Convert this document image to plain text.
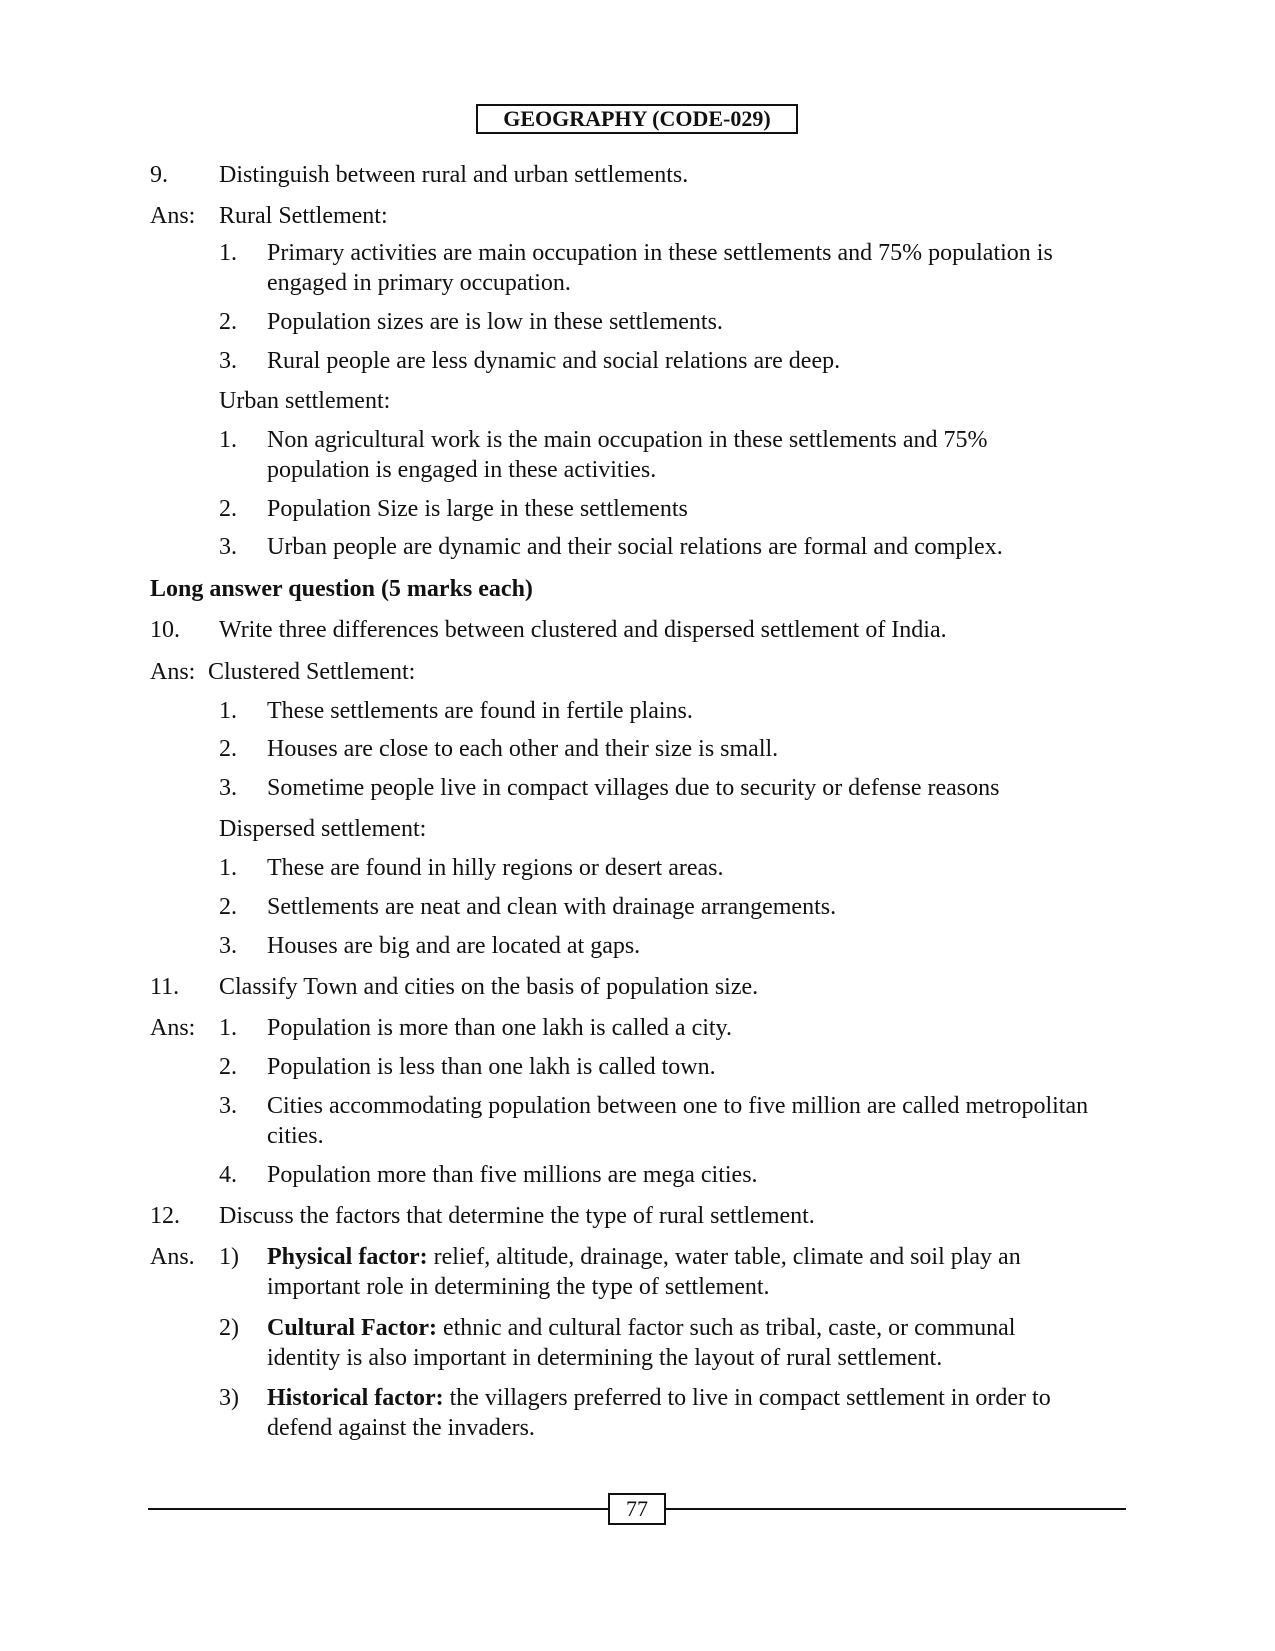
GEOGRAPHY (CODE-029)
9. Distinguish between rural and urban settlements.
Ans: Rural Settlement:
1. Primary activities are main occupation in these settlements and 75% population is
engaged in primary occupation.
2. Population sizes are is low in these settlements.
3. Rural people are less dynamic and social relations are deep.
Urban settlement:
1. Non agricultural work is the main occupation in these settlements and 75%
population is engaged in these activities.
2. Population Size is large in these settlements
3. Urban people are dynamic and their social relations are formal and complex.
Long answer question (5 marks each)
10. Write three differences between clustered and dispersed settlement of India.
Ans: Clustered Settlement:
1. These settlements are found in fertile plains.
2. Houses are close to each other and their size is small.
3. Sometime people live in compact villages due to security or defense reasons
Dispersed settlement:
1. These are found in hilly regions or desert areas.
2. Settlements are neat and clean with drainage arrangements.
3. Houses are big and are located at gaps.
11. Classify Town and cities on the basis of population size.
Ans: 1. Population is more than one lakh is called a city.
2. Population is less than one lakh is called town.
3. Cities accommodating population between one to five million are called metropolitan
cities.
4. Population more than five millions are mega cities.
12. Discuss the factors that determine the type of rural settlement.
Ans. 1) Physical factor: relief, altitude, drainage, water table, climate and soil play an
important role in determining the type of settlement.
2) Cultural Factor: ethnic and cultural factor such as tribal, caste, or communal
identity is also important in determining the layout of rural settlement.
3) Historical factor: the villagers preferred to live in compact settlement in order to
defend against the invaders.
77
